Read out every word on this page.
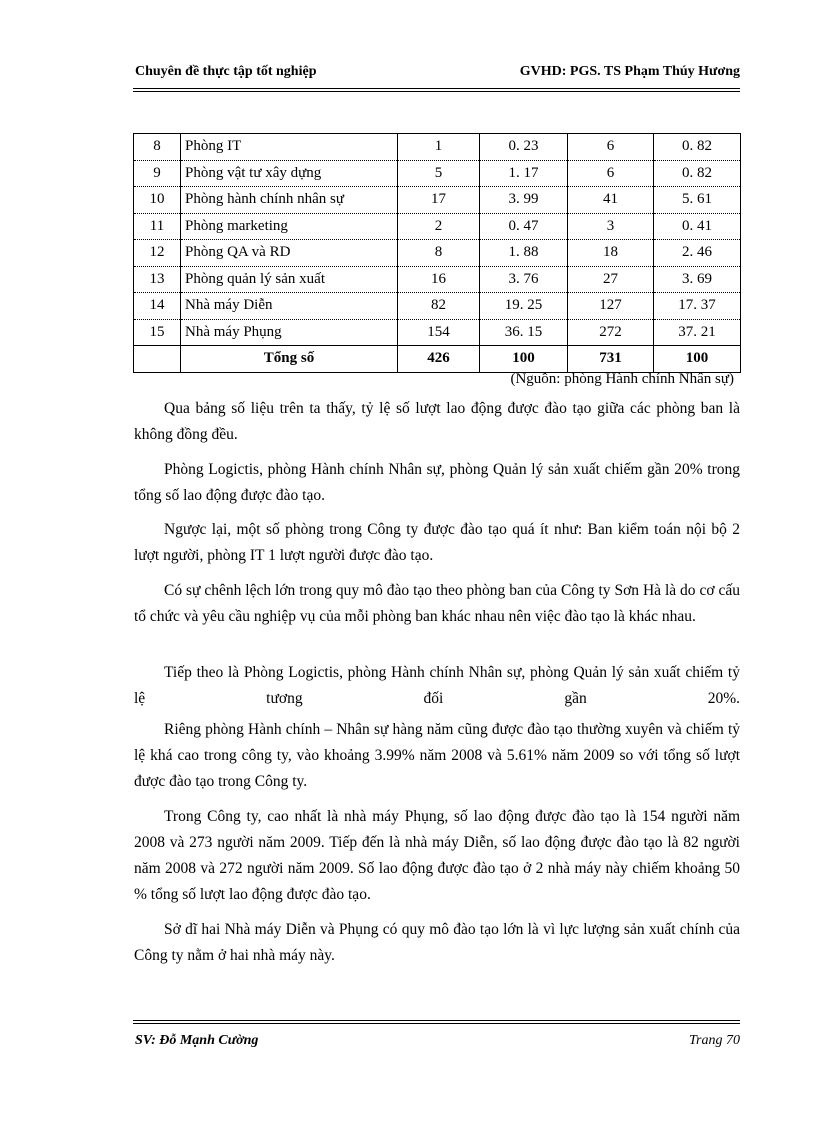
Chuyên đề thực tập tốt nghiệp	GVHD: PGS. TS Phạm Thúy Hương
8	Phòng IT	1	0. 23	6	0. 82
9	Phòng vật tư xây dựng	5	1. 17	6	0. 82
10	Phòng hành chính nhân sự	17	3. 99	41	5. 61
11	Phòng marketing	2	0. 47	3	0. 41
12	Phòng QA và RD	8	1. 88	18	2. 46
13	Phòng quản lý sản xuất	16	3. 76	27	3. 69
14	Nhà máy Diễn	82	19. 25	127	17. 37
15	Nhà máy Phụng	154	36. 15	272	37. 21
	Tổng số	426	100	731	100
(Nguồn: phòng Hành chính Nhân sự)

Qua bảng số liệu trên ta thấy, tỷ lệ số lượt lao động được đào tạo giữa các phòng ban là không đồng đều.

Phòng Logictis, phòng Hành chính Nhân sự, phòng Quản lý sản xuất chiếm gần 20% trong tổng số lao động được đào tạo.

Ngược lại, một số phòng trong Công ty được đào tạo quá ít như: Ban kiểm toán nội bộ 2 lượt người, phòng IT 1 lượt người được đào tạo.

Có sự chênh lệch lớn trong quy mô đào tạo theo phòng ban của Công ty Sơn Hà là do cơ cấu tổ chức và yêu cầu nghiệp vụ của mỗi phòng ban khác nhau nên việc đào tạo là khác nhau.

Tiếp theo là Phòng Logictis, phòng Hành chính Nhân sự, phòng Quản lý sản xuất chiếm tỷ lệ tương đối gần 20%.

Riêng phòng Hành chính – Nhân sự hàng năm cũng được đào tạo thường xuyên và chiếm tỷ lệ khá cao trong công ty, vào khoảng 3.99% năm 2008 và 5.61% năm 2009 so với tổng số lượt được đào tạo trong Công ty.

Trong Công ty, cao nhất là nhà máy Phụng, số lao động được đào tạo là 154 người năm 2008 và 273 người năm 2009. Tiếp đến là nhà máy Diễn, số lao động được đào tạo là 82 người năm 2008 và 272 người năm 2009. Số lao động được đào tạo ở 2 nhà máy này chiếm khoảng 50 % tổng số lượt lao động được đào tạo.

Sở dĩ hai Nhà máy Diễn và Phụng có quy mô đào tạo lớn là vì lực lượng sản xuất chính của Công ty nằm ở hai nhà máy này.

SV: Đỗ Mạnh Cường	Trang 70
